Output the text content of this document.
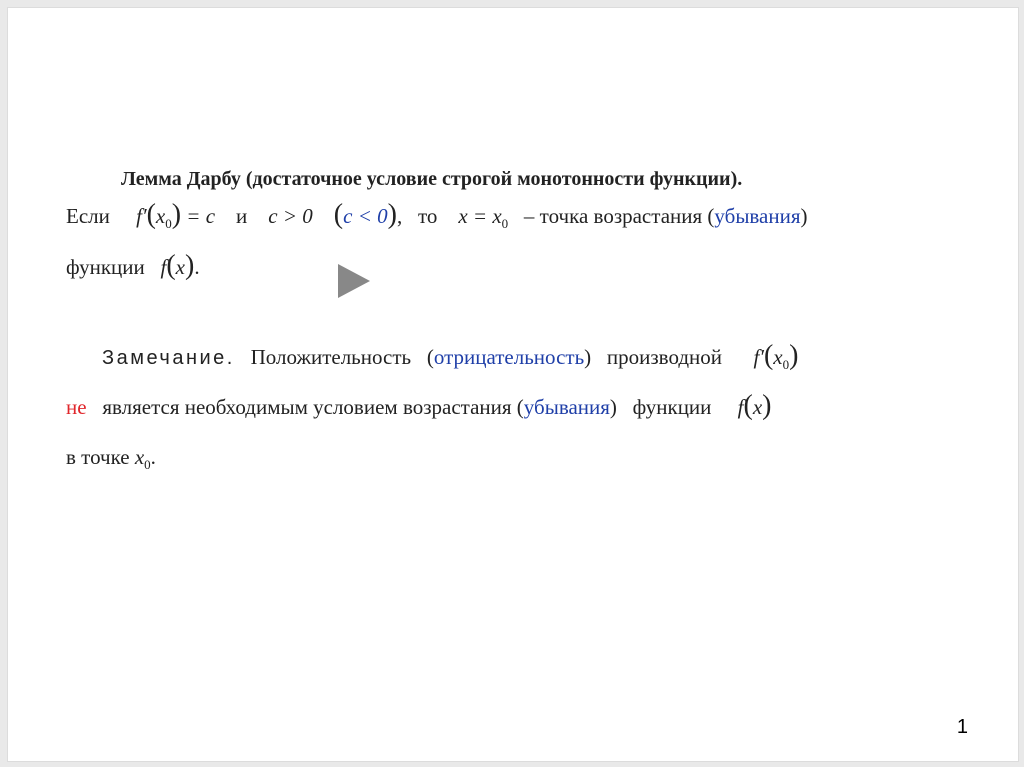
Лемма Дарбу (достаточное условие строгой монотонности функции).
Если $f'(x_0) = c$ и c > 0 (c < 0), то $x = x_0$ – точка возрастания (убывания)
функции f(x).
Замечание. Положительность   (отрицательность)   производной $f'(x_0)$
не является необходимым условием возрастания (убывания)   функции f(x)
в точке $x_0$.
1
